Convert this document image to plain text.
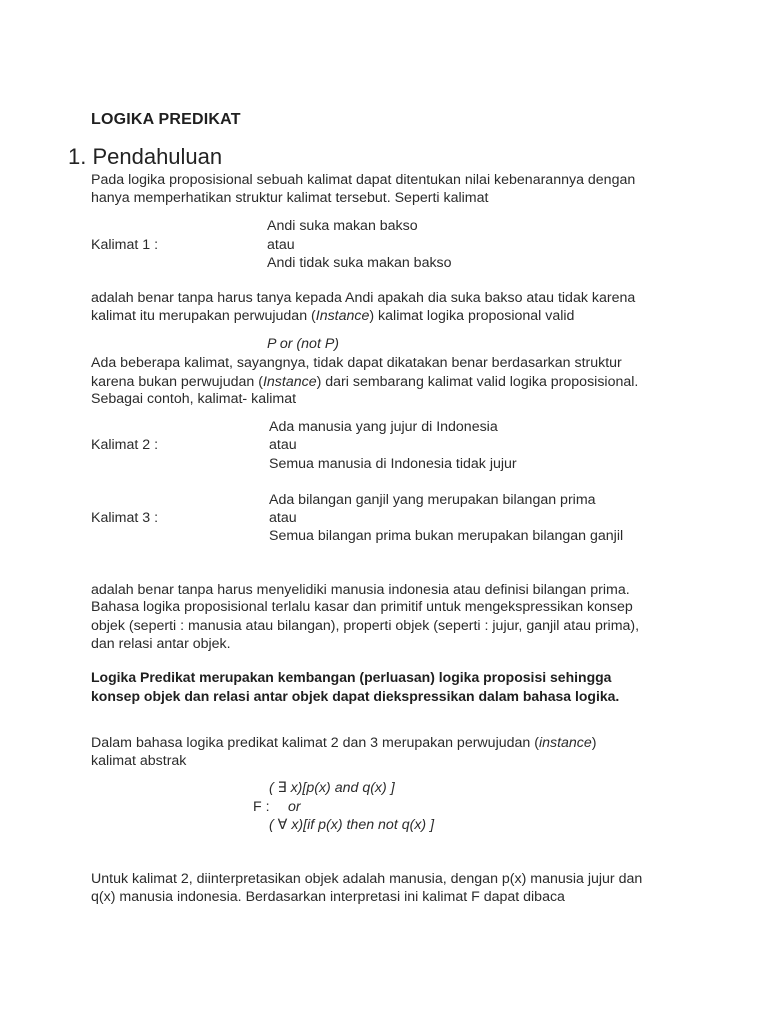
LOGIKA PREDIKAT
1. Pendahuluan
Pada logika proposisional sebuah kalimat dapat ditentukan nilai kebenarannya dengan
hanya memperhatikan struktur kalimat tersebut. Seperti kalimat
Andi suka makan bakso
Kalimat 1 :	atau
Andi tidak suka makan bakso
adalah benar tanpa harus tanya kepada Andi apakah dia suka bakso atau tidak karena
kalimat itu merupakan perwujudan (Instance) kalimat logika proposional valid
P or (not P)
Ada beberapa kalimat, sayangnya, tidak dapat dikatakan benar berdasarkan struktur
karena bukan perwujudan (Instance) dari sembarang kalimat valid logika proposisional.
Sebagai contoh, kalimat- kalimat
Ada manusia yang jujur di Indonesia
Kalimat 2 :	atau
Semua manusia di Indonesia tidak jujur
Ada bilangan ganjil yang merupakan bilangan prima
Kalimat 3 :	atau
Semua bilangan prima bukan merupakan bilangan ganjil
adalah benar tanpa harus menyelidiki manusia indonesia atau definisi bilangan prima.
Bahasa logika proposisional terlalu kasar dan primitif untuk mengekspressikan konsep
objek (seperti : manusia atau bilangan), properti objek (seperti : jujur, ganjil atau prima),
dan relasi antar objek.
Logika Predikat merupakan kembangan (perluasan) logika proposisi sehingga
konsep objek dan relasi antar objek dapat diekspressikan dalam bahasa logika.
Dalam bahasa logika predikat kalimat 2 dan 3 merupakan perwujudan (instance)
kalimat abstrak
( ∃ x)[p(x) and q(x) ]
F : or
( ∀ x)[if p(x) then not q(x) ]
Untuk kalimat 2, diinterpretasikan objek adalah manusia, dengan p(x) manusia jujur dan
q(x) manusia indonesia. Berdasarkan interpretasi ini kalimat F dapat dibaca
